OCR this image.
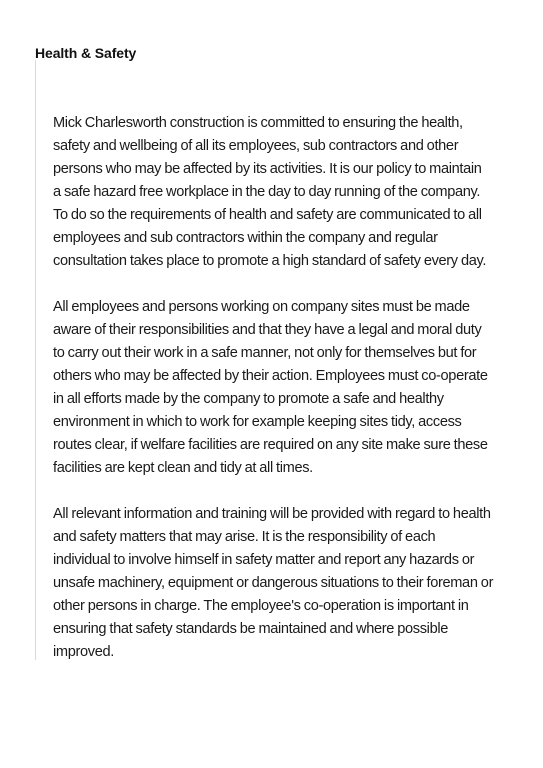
Health & Safety

Mick Charlesworth construction is committed to ensuring the health,
safety and wellbeing of all its employees, sub contractors and other
persons who may be affected by its activities. It is our policy to maintain
a safe hazard free workplace in the day to day running of the company.
To do so the requirements of health and safety are communicated to all
employees and sub contractors within the company and regular
consultation takes place to promote a high standard of safety every day.

All employees and persons working on company sites must be made
aware of their responsibilities and that they have a legal and moral duty
to carry out their work in a safe manner, not only for themselves but for
others who may be affected by their action. Employees must co-operate
in all efforts made by the company to promote a safe and healthy
environment in which to work for example keeping sites tidy, access
routes clear, if welfare facilities are required on any site make sure these
facilities are kept clean and tidy at all times.

All relevant information and training will be provided with regard to health
and safety matters that may arise. It is the responsibility of each
individual to involve himself in safety matter and report any hazards or
unsafe machinery, equipment or dangerous situations to their foreman or
other persons in charge. The employee's co-operation is important in
ensuring that safety standards be maintained and where possible
improved.
